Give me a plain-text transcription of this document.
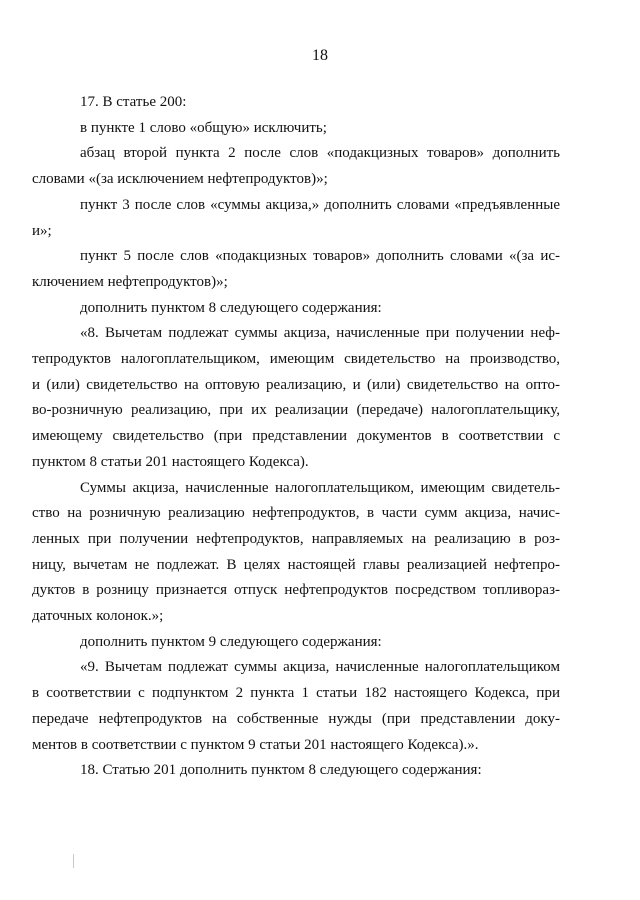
18
17. В статье 200:
в пункте 1 слово «общую» исключить;
абзац второй пункта 2 после слов «подакцизных товаров» дополнить
словами «(за исключением нефтепродуктов)»;
пункт 3 после слов «суммы акциза,» дополнить словами «предъявленные
и»;
пункт 5 после слов «подакцизных товаров» дополнить словами «(за ис-
ключением нефтепродуктов)»;
дополнить пунктом 8 следующего содержания:
«8. Вычетам подлежат суммы акциза, начисленные при получении неф-
тепродуктов налогоплательщиком, имеющим свидетельство на производство,
и (или) свидетельство на оптовую реализацию, и (или) свидетельство на опто-
во-розничную реализацию, при их реализации (передаче) налогоплательщику,
имеющему свидетельство (при представлении документов в соответствии с
пунктом 8 статьи 201 настоящего Кодекса).
Суммы акциза, начисленные налогоплательщиком, имеющим свидетель-
ство на розничную реализацию нефтепродуктов, в части сумм акциза, начис-
ленных при получении нефтепродуктов, направляемых на реализацию в роз-
ницу, вычетам не подлежат. В целях настоящей главы реализацией нефтепро-
дуктов в розницу признается отпуск нефтепродуктов посредством топливораз-
даточных колонок.»;
дополнить пунктом 9 следующего содержания:
«9. Вычетам подлежат суммы акциза, начисленные налогоплательщиком
в соответствии с подпунктом 2 пункта 1 статьи 182 настоящего Кодекса, при
передаче нефтепродуктов на собственные нужды (при представлении доку-
ментов в соответствии с пунктом 9 статьи 201 настоящего Кодекса).».
18. Статью 201 дополнить пунктом 8 следующего содержания:
